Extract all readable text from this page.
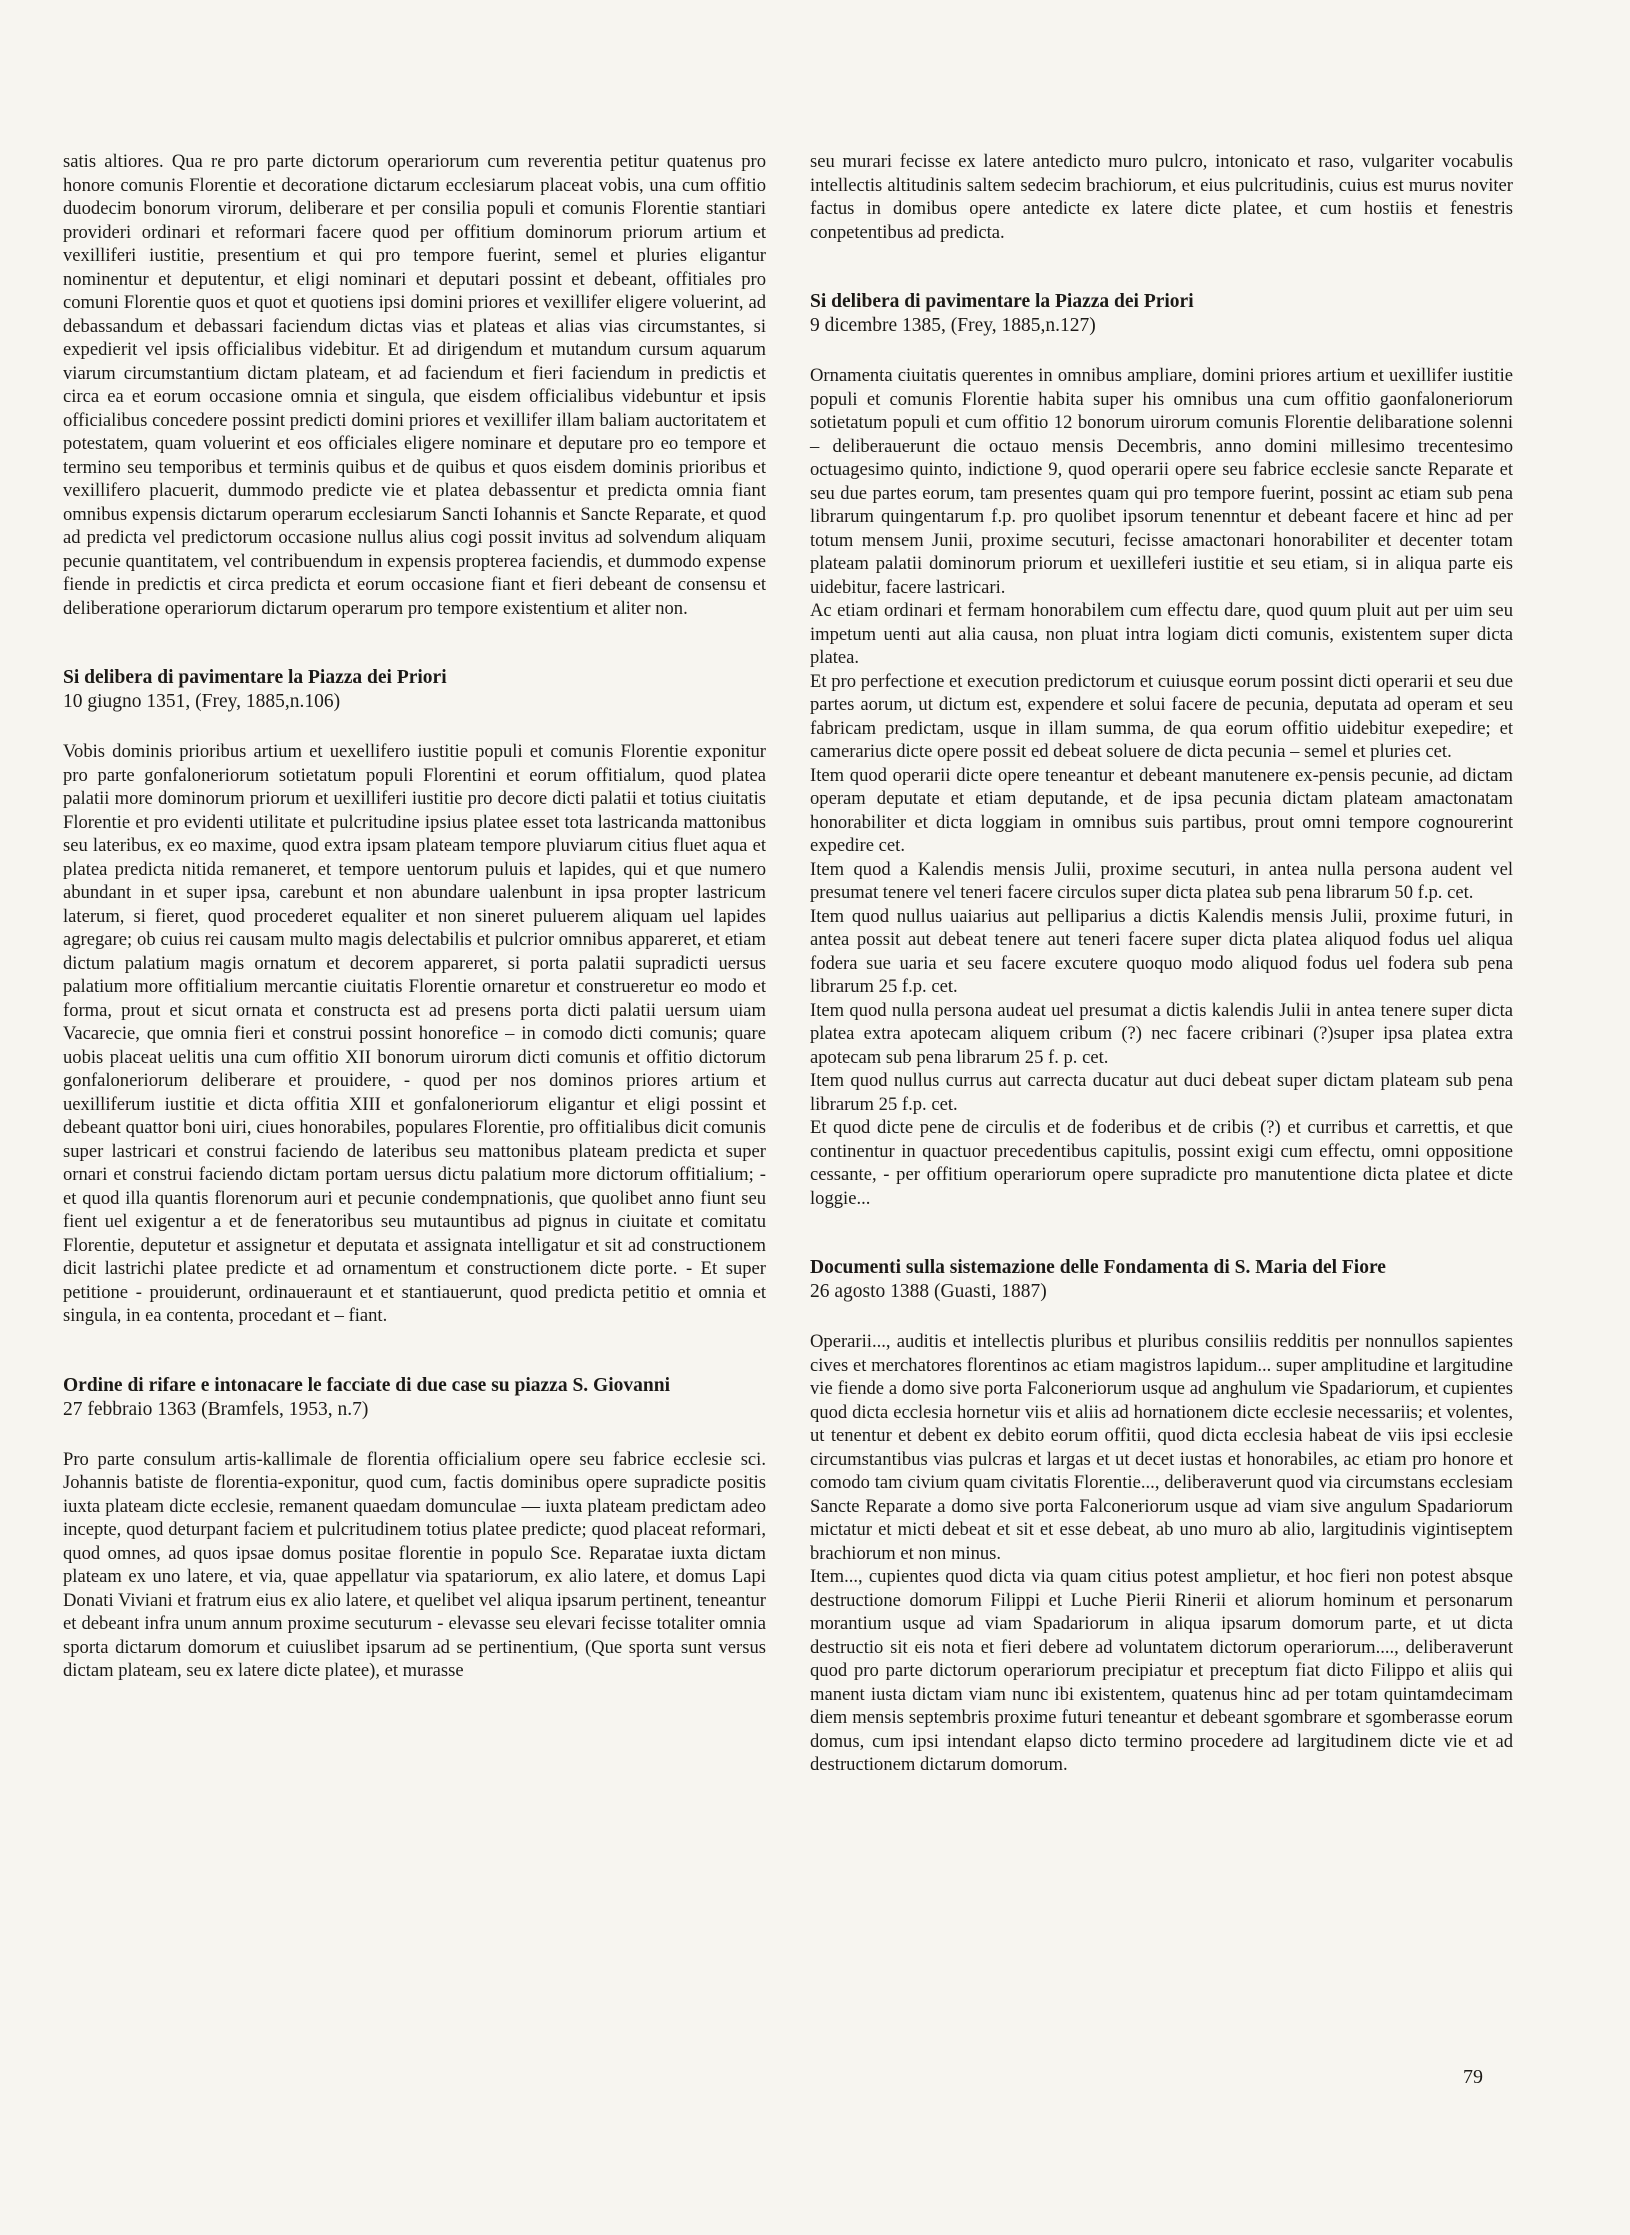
satis altiores. Qua re pro parte dictorum operariorum cum reverentia petitur quatenus pro honore comunis Florentie et decoratione dictarum ecclesiarum placeat vobis, una cum offitio duodecim bonorum virorum, deliberare et per consilia populi et comunis Florentie stantiari provideri ordinari et reformari facere quod per offitium dominorum priorum artium et vexilliferi iustitie, presentium et qui pro tempore fuerint, semel et pluries eligantur nominentur et deputentur, et eligi nominari et deputari possint et debeant, offitiales pro comuni Florentie quos et quot et quotiens ipsi domini priores et vexillifer eligere voluerint, ad debassandum et debassari faciendum dictas vias et plateas et alias vias circumstantes, si expedierit vel ipsis officialibus videbitur. Et ad dirigendum et mutandum cursum aquarum viarum circumstantium dictam plateam, et ad faciendum et fieri faciendum in predictis et circa ea et eorum occasione omnia et singula, que eisdem officialibus videbuntur et ipsis officialibus concedere possint predicti domini priores et vexillifer illam baliam auctoritatem et potestatem, quam voluerint et eos officiales eligere nominare et deputare pro eo tempore et termino seu temporibus et terminis quibus et de quibus et quos eisdem dominis prioribus et vexillifero placuerit, dummodo predicte vie et platea debassentur et predicta omnia fiant omnibus expensis dictarum operarum ecclesiarum Sancti Iohannis et Sancte Reparate, et quod ad predicta vel predictorum occasione nullus alius cogi possit invitus ad solvendum aliquam pecunie quantitatem, vel contribuendum in expensis propterea faciendis, et dummodo expense fiende in predictis et circa predicta et eorum occasione fiant et fieri debeant de consensu et deliberatione operariorum dictarum operarum pro tempore existentium et aliter non.

Si delibera di pavimentare la Piazza dei Priori

10 giugno 1351, (Frey, 1885,n.106)

Vobis dominis prioribus artium et uexellifero iustitie populi et comunis Florentie exponitur pro parte gonfaloneriorum sotietatum populi Florentini et eorum offitialum, quod platea palatii more dominorum priorum et uexilliferi iustitie pro decore dicti palatii et totius ciuitatis Florentie et pro evidenti utilitate et pulcritudine ipsius platee esset tota lastricanda mattonibus seu lateribus, ex eo maxime, quod extra ipsam plateam tempore pluviarum citius fluet aqua et platea predicta nitida remaneret, et tempore uentorum puluis et lapides, qui et que numero abundant in et super ipsa, carebunt et non abundare ualenbunt in ipsa propter lastricum laterum, si fieret, quod procederet equaliter et non sineret puluerem aliquam uel lapides agregare; ob cuius rei causam multo magis delectabilis et pulcrior omnibus appareret, et etiam dictum palatium magis ornatum et decorem appareret, si porta palatii supradicti uersus palatium more offitialium mercantie ciuitatis Florentie ornaretur et construeretur eo modo et forma, prout et sicut ornata et constructa est ad presens porta dicti palatii uersum uiam Vacarecie, que omnia fieri et construi possint honorefice – in comodo dicti comunis; quare uobis placeat uelitis una cum offitio XII bonorum uirorum dicti comunis et offitio dictorum gonfaloneriorum deliberare et prouidere, - quod per nos dominos priores artium et uexilliferum iustitie et dicta offitia XIII et gonfaloneriorum eligantur et eligi possint et debeant quattor boni uiri, ciues honorabiles, populares Florentie, pro offitialibus dicit comunis super lastricari et construi faciendo de lateribus seu mattonibus plateam predicta et super ornari et construi faciendo dictam portam uersus dictu palatium more dictorum offitialium; - et quod illa quantis florenorum auri et pecunie condempnationis, que quolibet anno fiunt seu fient uel exigentur a et de feneratoribus seu mutauntibus ad pignus in ciuitate et comitatu Florentie, deputetur et assignetur et deputata et assignata intelligatur et sit ad constructionem dicit lastrichi platee predicte et ad ornamentum et constructionem dicte porte. - Et super petitione - prouiderunt, ordinaueraunt et et stantiauerunt, quod predicta petitio et omnia et singula, in ea contenta, procedant et – fiant.

Ordine di rifare e intonacare le facciate di due case su piazza S. Giovanni

27 febbraio 1363 (Bramfels, 1953, n.7)

Pro parte consulum artis-kallimale de florentia officialium opere seu fabrice ecclesie sci. Johannis batiste de florentia-exponitur, quod cum, factis dominibus opere supradicte positis iuxta plateam dicte ecclesie, remanent quaedam domunculae — iuxta plateam predictam adeo incepte, quod deturpant faciem et pulcritudinem totius platee predicte; quod placeat reformari, quod omnes, ad quos ipsae domus positae florentie in populo Sce. Reparatae iuxta dictam plateam ex uno latere, et via, quae appellatur via spatariorum, ex alio latere, et domus Lapi Donati Viviani et fratrum eius ex alio latere, et quelibet vel aliqua ipsarum pertinent, teneantur et debeant infra unum annum proxime secuturum - elevasse seu elevari fecisse totaliter omnia sporta dictarum domorum et cuiuslibet ipsarum ad se pertinentium, (Que sporta sunt versus dictam plateam, seu ex latere dicte platee), et murasse

seu murari fecisse ex latere antedicto muro pulcro, intonicato et raso, vulgariter vocabulis intellectis altitudinis saltem sedecim brachiorum, et eius pulcritudinis, cuius est murus noviter factus in domibus opere antedicte ex latere dicte platee, et cum hostiis et fenestris conpetentibus ad predicta.

Si delibera di pavimentare la Piazza dei Priori

9 dicembre 1385, (Frey, 1885,n.127)

Ornamenta ciuitatis querentes in omnibus ampliare, domini priores artium et uexillifer iustitie populi et comunis Florentie habita super his omnibus una cum offitio gaonfaloneriorum sotietatum populi et cum offitio 12 bonorum uirorum comunis Florentie delibaratione solenni – deliberauerunt die octauo mensis Decembris, anno domini millesimo trecentesimo octuagesimo quinto, indictione 9, quod operarii opere seu fabrice ecclesie sancte Reparate et seu due partes eorum, tam presentes quam qui pro tempore fuerint, possint ac etiam sub pena librarum quingentarum f.p. pro quolibet ipsorum tenenntur et debeant facere et hinc ad per totum mensem Junii, proxime secuturi, fecisse amactonari honorabiliter et decenter totam plateam palatii dominorum priorum et uexilleferi iustitie et seu etiam, si in aliqua parte eis uidebitur, facere lastricari.

Ac etiam ordinari et fermam honorabilem cum effectu dare, quod quum pluit aut per uim seu impetum uenti aut alia causa, non pluat intra logiam dicti comunis, existentem super dicta platea.

Et pro perfectione et execution predictorum et cuiusque eorum possint dicti operarii et seu due partes aorum, ut dictum est, expendere et solui facere de pecunia, deputata ad operam et seu fabricam predictam, usque in illam summa, de qua eorum offitio uidebitur exepedire; et camerarius dicte opere possit ed debeat soluere de dicta pecunia – semel et pluries cet.

Item quod operarii dicte opere teneantur et debeant manutenere ex-pensis pecunie, ad dictam operam deputate et etiam deputande, et de ipsa pecunia dictam plateam amactonatam honorabiliter et dicta loggiam in omnibus suis partibus, prout omni tempore cognourerint expedire cet.

Item quod a Kalendis mensis Julii, proxime secuturi, in antea nulla persona audent vel presumat tenere vel teneri facere circulos super dicta platea sub pena librarum 50 f.p. cet.

Item quod nullus uaiarius aut pelliparius a dictis Kalendis mensis Julii, proxime futuri, in antea possit aut debeat tenere aut teneri facere super dicta platea aliquod fodus uel aliqua fodera sue uaria et seu facere excutere quoquo modo aliquod fodus uel fodera sub pena librarum 25 f.p. cet.

Item quod nulla persona audeat uel presumat a dictis kalendis Julii in antea tenere super dicta platea extra apotecam aliquem cribum (?) nec facere cribinari (?)super ipsa platea extra apotecam sub pena librarum 25 f. p. cet.

Item quod nullus currus aut carrecta ducatur aut duci debeat super dictam plateam sub pena librarum 25 f.p. cet.

Et quod dicte pene de circulis et de foderibus et de cribis (?) et curribus et carrettis, et que continentur in quactuor precedentibus capitulis, possint exigi cum effectu, omni oppositione cessante, - per offitium operariorum opere supradicte pro manutentione dicta platee et dicte loggie...

Documenti sulla sistemazione delle Fondamenta di S. Maria del Fiore

26 agosto 1388 (Guasti, 1887)

Operarii..., auditis et intellectis pluribus et pluribus consiliis redditis per nonnullos sapientes cives et merchatores florentinos ac etiam magistros lapidum... super amplitudine et largitudine vie fiende a domo sive porta Falconeriorum usque ad anghulum vie Spadariorum, et cupientes quod dicta ecclesia hornetur viis et aliis ad hornationem dicte ecclesie necessariis; et volentes, ut tenentur et debent ex debito eorum offitii, quod dicta ecclesia habeat de viis ipsi ecclesie circumstantibus vias pulcras et largas et ut decet iustas et honorabiles, ac etiam pro honore et comodo tam civium quam civitatis Florentie..., deliberaverunt quod via circumstans ecclesiam Sancte Reparate a domo sive porta Falconeriorum usque ad viam sive angulum Spadariorum mictatur et micti debeat et sit et esse debeat, ab uno muro ab alio, largitudinis vigintiseptem brachiorum et non minus.

Item..., cupientes quod dicta via quam citius potest amplietur, et hoc fieri non potest absque destructione domorum Filippi et Luche Pierii Rinerii et aliorum hominum et personarum morantium usque ad viam Spadariorum in aliqua ipsarum domorum parte, et ut dicta destructio sit eis nota et fieri debere ad voluntatem dictorum operariorum...., deliberaverunt quod pro parte dictorum operariorum precipiatur et preceptum fiat dicto Filippo et aliis qui manent iusta dictam viam nunc ibi existentem, quatenus hinc ad per totam quintamdecimam diem mensis septembris proxime futuri teneantur et debeant sgombrare et sgomberasse eorum domus, cum ipsi intendant elapso dicto termino procedere ad largitudinem dicte vie et ad destructionem dictarum domorum.

79
